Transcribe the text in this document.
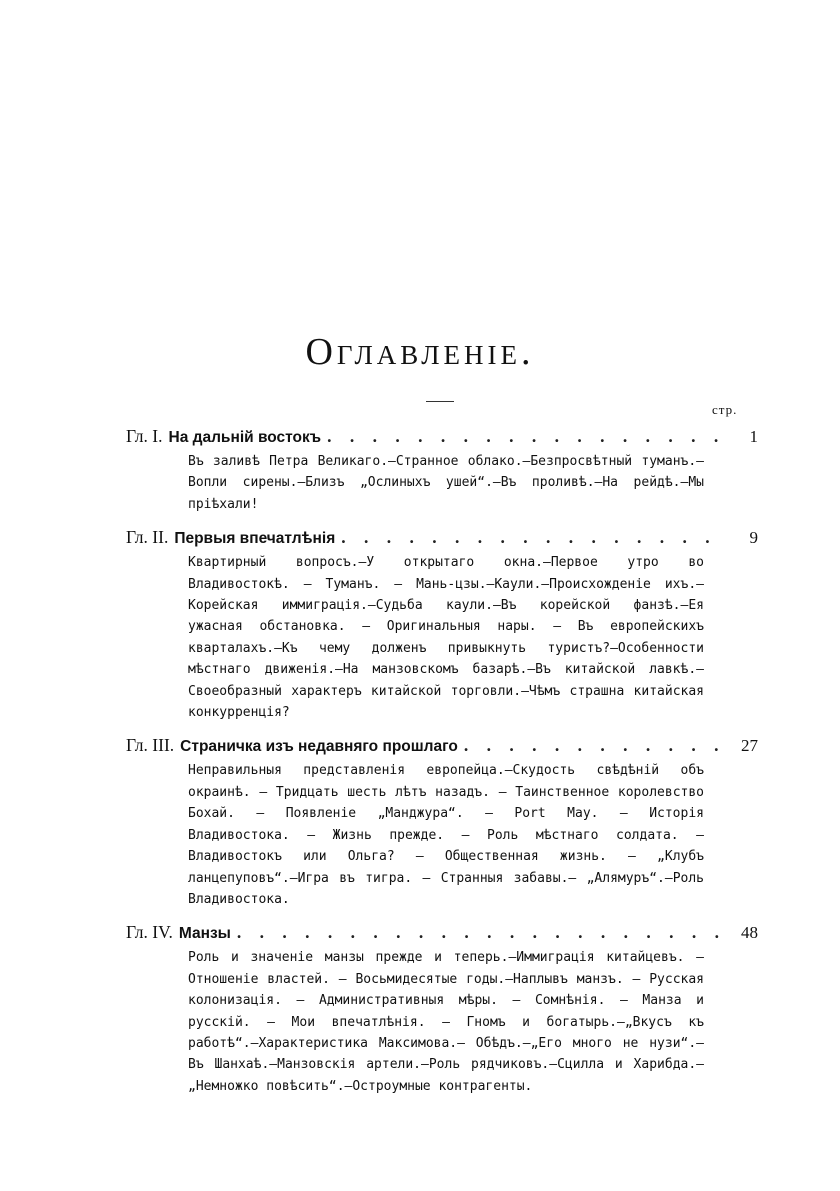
Оглавленіе.
стр.
Гл. I. На дальній востокъ . . .	1
Въ заливѣ Петра Великаго.—Странное облако.—Безпросвѣтный туманъ.—Вопли сирены.—Близъ „Ослиныхъ ушей“.—Въ проливѣ.—На рейдѣ.—Мы пріѣхали!
Гл. II. Первыя впечатлѣнія . . .	9
Квартирный вопросъ.—У открытаго окна.—Первое утро во Владивостокѣ. — Туманъ. — Мань-цзы.—Каули.—Происхожденіе ихъ.—Корейская иммиграція.—Судьба каули.—Въ корейской фанзѣ.—Ея ужасная обстановка. — Оригинальныя нары. — Въ европейскихъ кварталахъ.—Къ чему долженъ привыкнуть туристъ?—Особенности мѣстнаго движенія.—На манзовскомъ базарѣ.—Въ китайской лавкѣ.—Своеобразный характеръ китайской торговли.—Чѣмъ страшна китайская конкурренція?
Гл. III. Страничка изъ недавняго прошлаго . . .	27
Неправильныя представленія европейца.—Скудость свѣдѣній объ окраинѣ. — Тридцать шесть лѣтъ назадъ. — Таинственное королевство Бохай. — Появленіе „Манджура“. — Port May. — Исторія Владивостока. — Жизнь прежде. — Роль мѣстнаго солдата. — Владивостокъ или Ольга? — Общественная жизнь. — „Клубъ ланцепуповъ“.—Игра въ тигра. — Странныя забавы.— „Алямуръ“.—Роль Владивостока.
Гл. IV. Манзы . . .	48
Роль и значеніе манзы прежде и теперь.—Иммиграція китайцевъ. — Отношеніе властей. — Восьмидесятые годы.—Наплывъ манзъ. — Русская колонизація. — Административныя мѣры. — Сомнѣнія. — Манза и русскій. — Мои впечатлѣнія. — Гномъ и богатырь.—„Вкусъ къ работѣ“.—Характеристика Максимова.— Обѣдъ.—„Его много не нузи“.—Въ Шанхаѣ.—Манзовскія артели.—Роль рядчиковъ.—Сцилла и Харибда.—„Немножко повѣсить“.—Остроумные контрагенты.
